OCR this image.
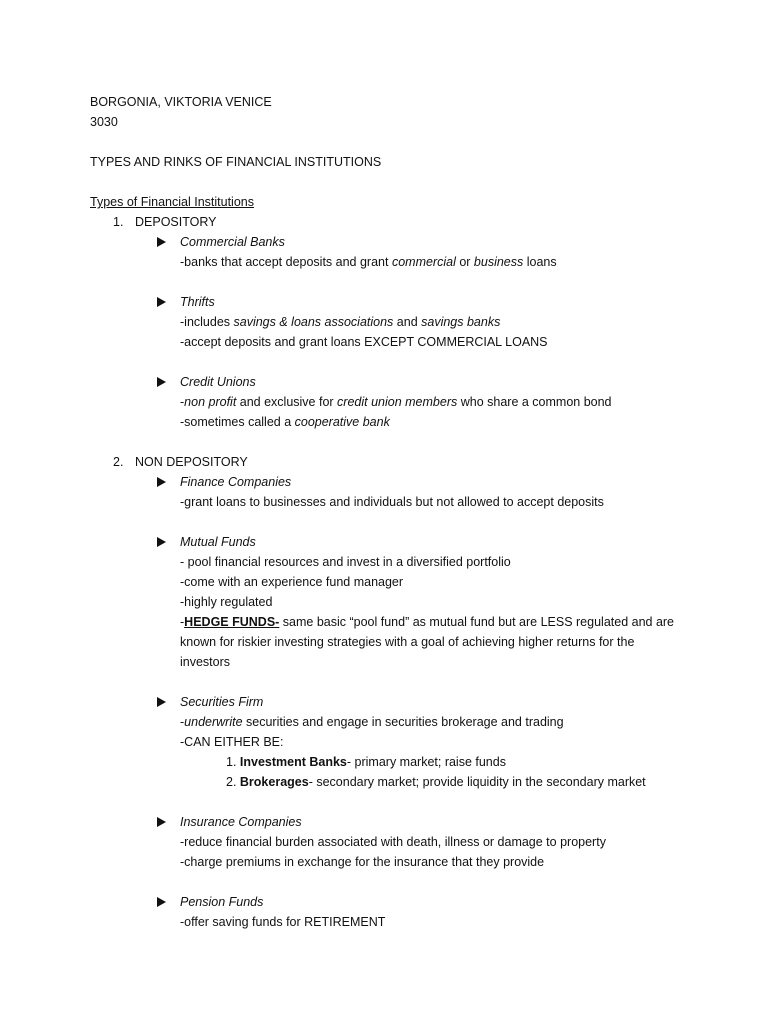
BORGONIA, VIKTORIA VENICE
3030
TYPES AND RINKS OF FINANCIAL INSTITUTIONS
Types of Financial Institutions
1. DEPOSITORY
Commercial Banks
-banks that accept deposits and grant commercial or business loans
Thrifts
-includes savings & loans associations and savings banks
-accept deposits and grant loans EXCEPT COMMERCIAL LOANS
Credit Unions
-non profit and exclusive for credit union members who share a common bond
-sometimes called a cooperative bank
2. NON DEPOSITORY
Finance Companies
-grant loans to businesses and individuals but not allowed to accept deposits
Mutual Funds
- pool financial resources and invest in a diversified portfolio
-come with an experience fund manager
-highly regulated
-HEDGE FUNDS- same basic “pool fund” as mutual fund but are LESS regulated and are
known for riskier investing strategies with a goal of achieving higher returns for the
investors
Securities Firm
-underwrite securities and engage in securities brokerage and trading
-CAN EITHER BE:
1. Investment Banks- primary market; raise funds
2. Brokerages- secondary market; provide liquidity in the secondary market
Insurance Companies
-reduce financial burden associated with death, illness or damage to property
-charge premiums in exchange for the insurance that they provide
Pension Funds
-offer saving funds for RETIREMENT
